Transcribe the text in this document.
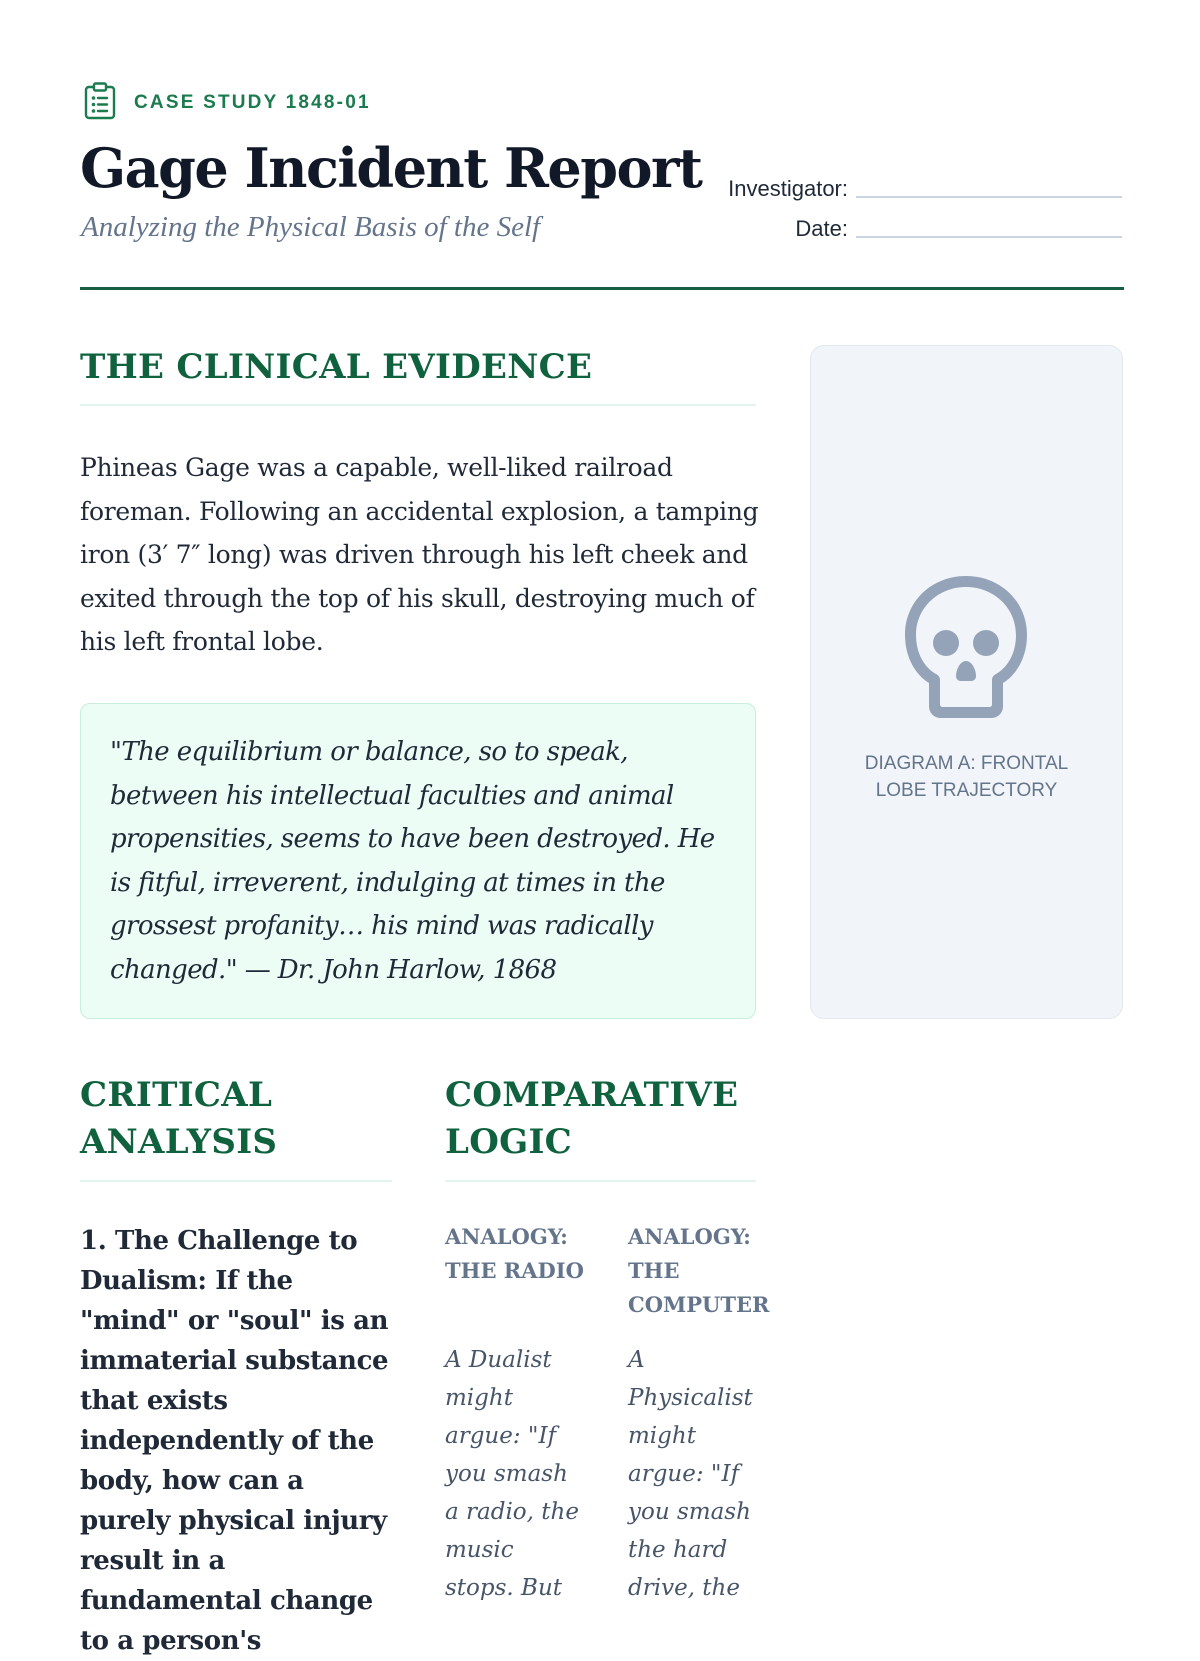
CASE STUDY 1848-01
Gage Incident Report
Analyzing the Physical Basis of the Self
Investigator:
Date:
THE CLINICAL EVIDENCE

Phineas Gage was a capable, well-liked railroad foreman. Following an accidental explosion, a tamping iron (3′ 7″ long) was driven through his left cheek and exited through the top of his skull, destroying much of his left frontal lobe.

"The equilibrium or balance, so to speak, between his intellectual faculties and animal propensities, seems to have been destroyed. He is fitful, irreverent, indulging at times in the grossest profanity… his mind was radically changed." — Dr. John Harlow, 1868

DIAGRAM A: FRONTAL LOBE TRAJECTORY
CRITICAL ANALYSIS

1. The Challenge to Dualism: If the "mind" or "soul" is an immaterial substance that exists independently of the body, how can a purely physical injury result in a fundamental change to a person's

COMPARATIVE LOGIC
ANALOGY: THE RADIO

A Dualist might argue: "If you smash a radio, the music stops. But

ANALOGY: THE COMPUTER

A Physicalist might argue: "If you smash the hard drive, the
